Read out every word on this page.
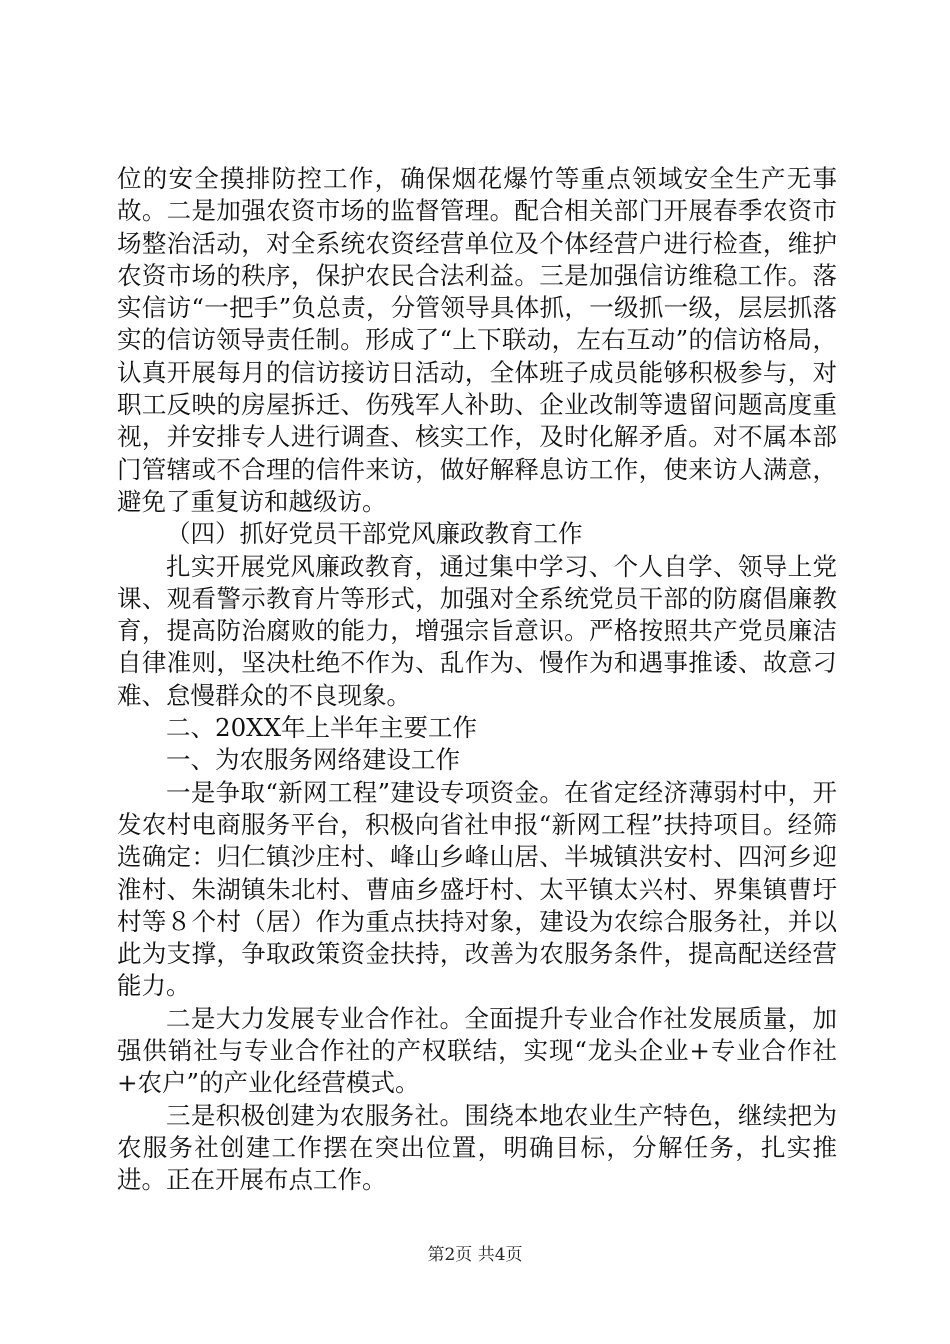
位的安全摸排防控工作，确保烟花爆竹等重点领域安全生产无事故。二是加强农资市场的监督管理。配合相关部门开展春季农资市场整治活动，对全系统农资经营单位及个体经营户进行检查，维护农资市场的秩序，保护农民合法利益。三是加强信访维稳工作。落实信访“一把手”负总责，分管领导具体抓，一级抓一级，层层抓落实的信访领导责任制。形成了“上下联动，左右互动”的信访格局，认真开展每月的信访接访日活动，全体班子成员能够积极参与，对职工反映的房屋拆迁、伤残军人补助、企业改制等遗留问题高度重视，并安排专人进行调查、核实工作，及时化解矛盾。对不属本部门管辖或不合理的信件来访，做好解释息访工作，使来访人满意，避免了重复访和越级访。

（四）抓好党员干部党风廉政教育工作

扎实开展党风廉政教育，通过集中学习、个人自学、领导上党课、观看警示教育片等形式，加强对全系统党员干部的防腐倡廉教育，提高防治腐败的能力，增强宗旨意识。严格按照共产党员廉洁自律准则，坚决杜绝不作为、乱作为、慢作为和遇事推诿、故意刁难、怠慢群众的不良现象。

二、20XX年上半年主要工作

一、为农服务网络建设工作

一是争取“新网工程”建设专项资金。在省定经济薄弱村中，开发农村电商服务平台，积极向省社申报“新网工程”扶持项目。经筛选确定：归仁镇沙庄村、峰山乡峰山居、半城镇洪安村、四河乡迎淮村、朱湖镇朱北村、曹庙乡盛圩村、太平镇太兴村、界集镇曹圩村等８个村（居）作为重点扶持对象，建设为农综合服务社，并以此为支撑，争取政策资金扶持，改善为农服务条件，提高配送经营能力。

二是大力发展专业合作社。全面提升专业合作社发展质量，加强供销社与专业合作社的产权联结，实现“龙头企业+专业合作社+农户”的产业化经营模式。

三是积极创建为农服务社。围绕本地农业生产特色，继续把为农服务社创建工作摆在突出位置，明确目标，分解任务，扎实推进。正在开展布点工作。

第2页 共4页
